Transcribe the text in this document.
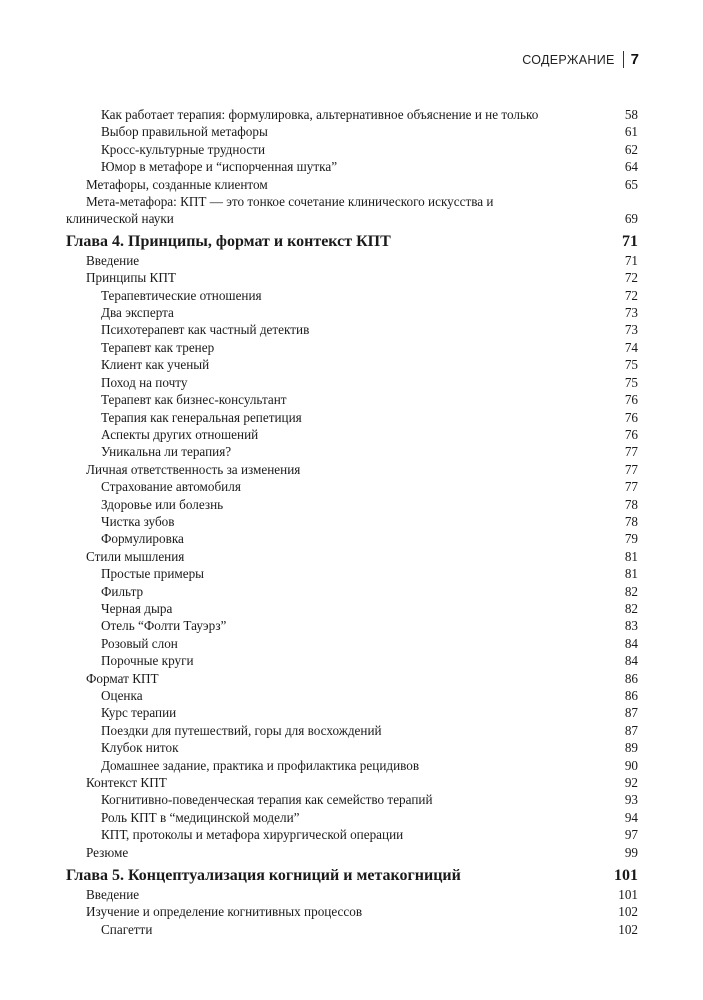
СОДЕРЖАНИЕ 7
Как работает терапия: формулировка, альтернативное объяснение и не только	58
Выбор правильной метафоры	61
Кросс-культурные трудности	62
Юмор в метафоре и “испорченная шутка”	64
Метафоры, созданные клиентом	65
Мета-метафора: КПТ — это тонкое сочетание клинического искусства и клинической науки	69
Глава 4. Принципы, формат и контекст КПТ	71
Введение	71
Принципы КПТ	72
Терапевтические отношения	72
Два эксперта	73
Психотерапевт как частный детектив	73
Терапевт как тренер	74
Клиент как ученый	75
Поход на почту	75
Терапевт как бизнес-консультант	76
Терапия как генеральная репетиция	76
Аспекты других отношений	76
Уникальна ли терапия?	77
Личная ответственность за изменения	77
Страхование автомобиля	77
Здоровье или болезнь	78
Чистка зубов	78
Формулировка	79
Стили мышления	81
Простые примеры	81
Фильтр	82
Черная дыра	82
Отель “Фолти Тауэрз”	83
Розовый слон	84
Порочные круги	84
Формат КПТ	86
Оценка	86
Курс терапии	87
Поездки для путешествий, горы для восхождений	87
Клубок ниток	89
Домашнее задание, практика и профилактика рецидивов	90
Контекст КПТ	92
Когнитивно-поведенческая терапия как семейство терапий	93
Роль КПТ в “медицинской модели”	94
КПТ, протоколы и метафора хирургической операции	97
Резюме	99
Глава 5. Концептуализация когниций и метакогниций	101
Введение	101
Изучение и определение когнитивных процессов	102
Спагетти	102
